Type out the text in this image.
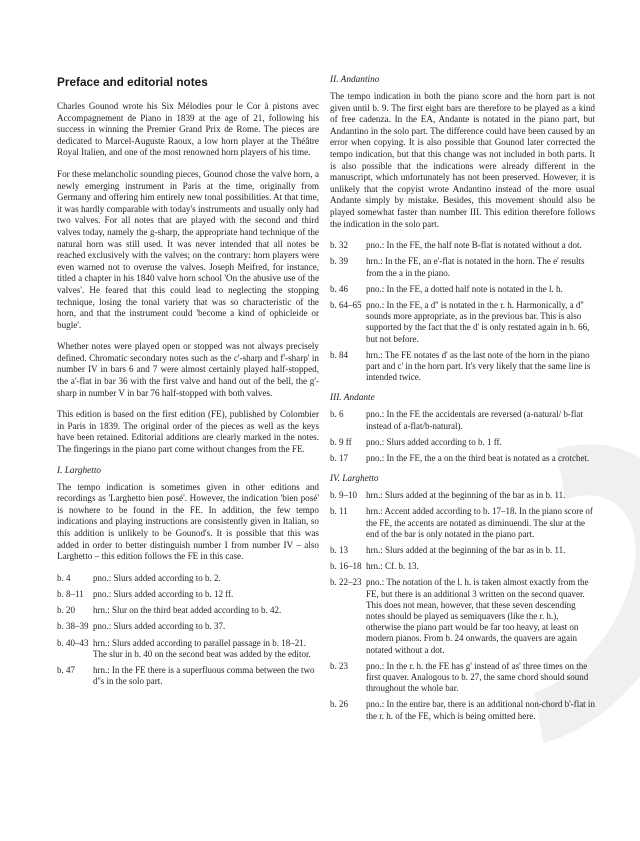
Preface and editorial notes

Charles Gounod wrote his Six Mélodies pour le Cor à pistons avec Accompagnement de Piano in 1839 at the age of 21, following his success in winning the Premier Grand Prix de Rome. The pieces are dedicated to Marcel-Auguste Raoux, a low horn player at the Théâtre Royal Italien, and one of the most renowned horn players of his time.

For these melancholic sounding pieces, Gounod chose the valve horn, a newly emerging instrument in Paris at the time, originally from Germany and offering him entirely new tonal possibilities. At that time, it was hardly comparable with today's instruments and usually only had two valves. For all notes that are played with the second and third valves today, namely the g-sharp, the appropriate hand technique of the natural horn was still used. It was never intended that all notes be reached exclusively with the valves; on the contrary: horn players were even warned not to overuse the valves. Joseph Meifred, for instance, titled a chapter in his 1840 valve horn school 'On the abusive use of the valves'. He feared that this could lead to neglecting the stopping technique, losing the tonal variety that was so characteristic of the horn, and that the instrument could 'become a kind of ophicleide or bugle'.

Whether notes were played open or stopped was not always precisely defined. Chromatic secondary notes such as the c'-sharp and f'-sharp' in number IV in bars 6 and 7 were almost certainly played half-stopped, the a'-flat in bar 36 with the first valve and hand out of the bell, the g'-sharp in number V in bar 76 half-stopped with both valves.

This edition is based on the first edition (FE), published by Colombier in Paris in 1839. The original order of the pieces as well as the keys have been retained. Editorial additions are clearly marked in the notes. The fingerings in the piano part come without changes from the FE.

I. Larghetto

The tempo indication is sometimes given in other editions and recordings as 'Larghetto bien posé'. However, the indication 'bien posé' is nowhere to be found in the FE. In addition, the few tempo indications and playing instructions are consistently given in Italian, so this addition is unlikely to be Gounod's. It is possible that this was added in order to better distinguish number I from number IV – also Larghetto – this edition follows the FE in this case.

b. 4	pno.: Slurs added according to b. 2.
b. 8–11	pno.: Slurs added according to b. 12 ff.
b. 20	hrn.: Slur on the third beat added according to b. 42.
b. 38–39 pno.: Slurs added according to b. 37.
b. 40–43 hrn.: Slurs added according to parallel passage in b. 18–21. The slur in b. 40 on the second beat was added by the editor.
b. 47	hrn.: In the FE there is a superfluous comma between the two d''s in the solo part.
II. Andantino

The tempo indication in both the piano score and the horn part is not given until b. 9. The first eight bars are therefore to be played as a kind of free cadenza. In the EA, Andante is notated in the piano part, but Andantino in the solo part. The difference could have been caused by an error when copying. It is also possible that Gounod later corrected the tempo indication, but that this change was not included in both parts. It is also possible that the indications were already different in the manuscript, which unfortunately has not been preserved. However, it is unlikely that the copyist wrote Andantino instead of the more usual Andante simply by mistake. Besides, this movement should also be played somewhat faster than number III. This edition therefore follows the indication in the solo part.

b. 32	pno.: In the FE, the half note B-flat is notated without a dot.
b. 39	hrn.: In the FE, an e'-flat is notated in the horn. The e' results from the a in the piano.
b. 46	pno.: In the FE, a dotted half note is notated in the l. h.
b. 64–65 pno.: In the FE, a d'' is notated in the r. h. Harmonically, a d'' sounds more appropriate, as in the previous bar. This is also supported by the fact that the d' is only restated again in b. 66, but not before.
b. 84	hrn.: The FE notates d' as the last note of the horn in the piano part and c' in the horn part. It's very likely that the same line is intended twice.
III. Andante
b. 6	pno.: In the FE the accidentals are reversed (a-natural/ b-flat instead of a-flat/b-natural).
b. 9 ff	pno.: Slurs added according to b. 1 ff.
b. 17	pno.: In the FE, the a on the third beat is notated as a crotchet.
IV. Larghetto
b. 9–10	hrn.: Slurs added at the beginning of the bar as in b. 11.
b. 11	hrn.: Accent added according to b. 17–18. In the piano score of the FE, the accents are notated as diminuendi. The slur at the end of the bar is only notated in the piano part.
b. 13	hrn.: Slurs added at the beginning of the bar as in b. 11.
b. 16–18 hrn.: Cf. b. 13.
b. 22–23 pno.: The notation of the l. h. is taken almost exactly from the FE, but there is an additional 3 written on the second quaver. This does not mean, however, that these seven descending notes should be played as semiquavers (like the r. h.), otherwise the piano part would be far too heavy, at least on modern pianos. From b. 24 onwards, the quavers are again notated without a dot.
b. 23	pno.: In the r. h. the FE has g' instead of as' three times on the first quaver. Analogous to b. 27, the same chord should sound throughout the whole bar.
b. 26	pno.: In the entire bar, there is an additional non-chord b'-flat in the r. h. of the FE, which is being omitted here.
